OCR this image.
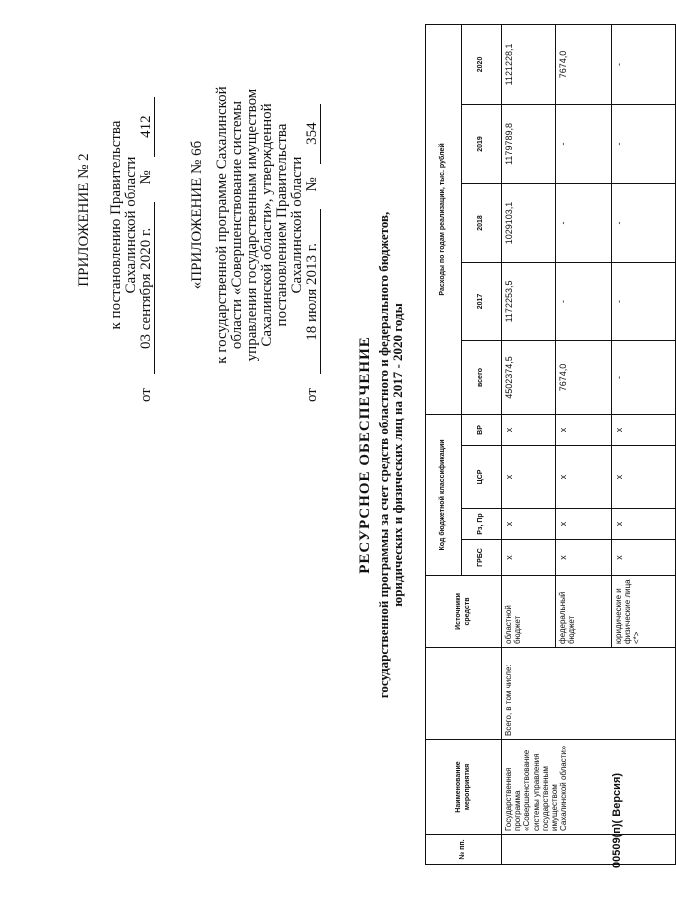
ПРИЛОЖЕНИЕ № 2 к постановлению Правительства Сахалинской области
от 03 сентября 2020 г. № 412
«ПРИЛОЖЕНИЕ № 6б к государственной программе Сахалинской области «Совершенствование системы управления государственным имуществом Сахалинской области», утвержденной постановлением Правительства Сахалинской области
от 18 июля 2013 г. № 354
РЕСУРСНОЕ ОБЕСПЕЧЕНИЕ государственной программы за счет средств областного и федерального бюджетов, юридических и физических лиц на 2017 - 2020 годы
№ пп.	Наименование мероприятия		Источники средств	Код бюджетной классификации				Расходы по годам реализации, тыс. рублей				
				ГРБС	Рз, Пр	ЦСР	ВР	всего	2017	2018	2019	2020
	Государственная программа «Совершенствование системы управления государственным имуществом Сахалинской области»	Всего, в том числе:	областной бюджет	х	х	х	х	4502374,5	1172253,5	1029103,1	1179789,8	1121228,1
			федеральный бюджет	х	х	х	х	7674,0	-	-	-	7674,0
			юридические и физические лица <*>	х	х	х	х	-	-	-	-	-
00509(п)( Версия)
